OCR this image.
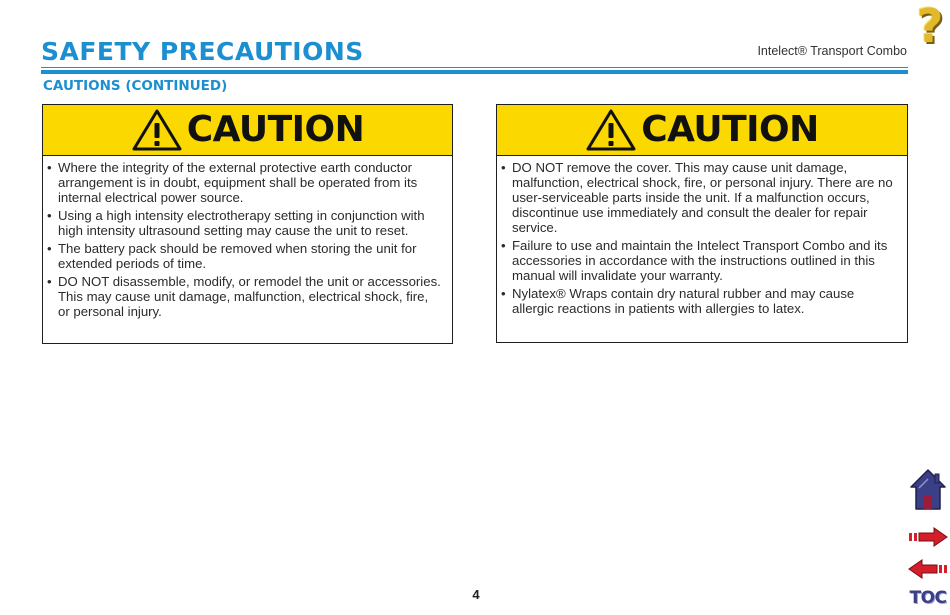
?
SAFETY PRECAUTIONS	Intelect® Transport Combo
CAUTIONS (CONTINUED)
CAUTION
• Where the integrity of the external protective earth conductor arrangement is in doubt, equipment shall be operated from its internal electrical power source.
• Using a high intensity electrotherapy setting in conjunction with high intensity ultrasound setting may cause the unit to reset.
• The battery pack should be removed when storing the unit for extended periods of time.
• DO NOT disassemble, modify, or remodel the unit or accessories. This may cause unit damage, malfunction, electrical shock, fire, or personal injury.
CAUTION
• DO NOT remove the cover. This may cause unit damage, malfunction, electrical shock, fire, or personal injury. There are no user-serviceable parts inside the unit. If a malfunction occurs, discontinue use immediately and consult the dealer for repair service.
• Failure to use and maintain the Intelect Transport Combo and its accessories in accordance with the instructions outlined in this manual will invalidate your warranty.
• Nylatex® Wraps contain dry natural rubber and may cause allergic reactions in patients with allergies to latex.
4	TOC
